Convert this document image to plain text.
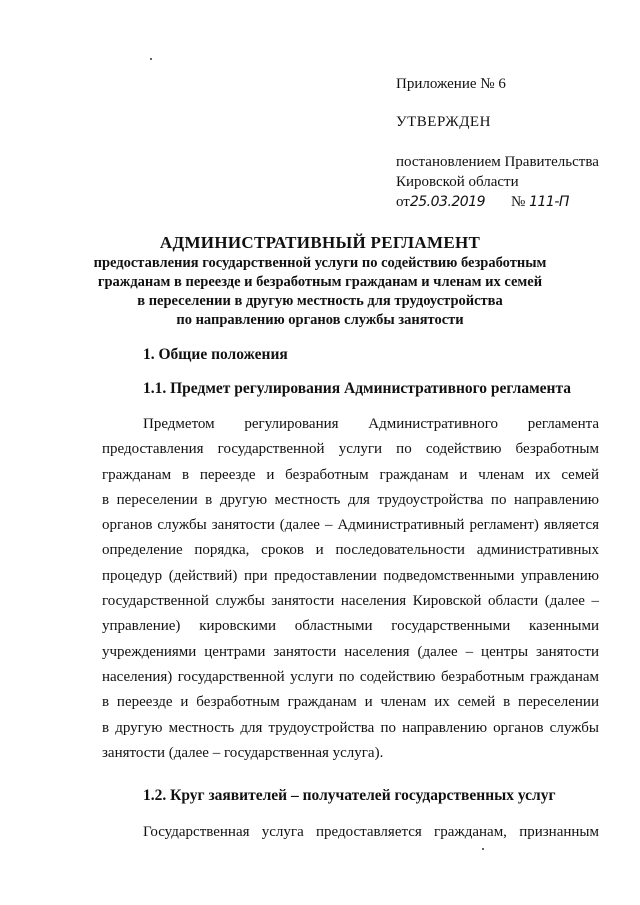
Приложение № 6
УТВЕРЖДЕН
постановлением Правительства
Кировской области
от25.03.2019 № 111-П
АДМИНИСТРАТИВНЫЙ РЕГЛАМЕНТ
предоставления государственной услуги по содействию безработным
гражданам в переезде и безработным гражданам и членам их семей
в переселении в другую местность для трудоустройства
по направлению органов службы занятости
1. Общие положения
1.1. Предмет регулирования Административного регламента
Предметом регулирования Административного регламента
предоставления государственной услуги по содействию безработным
гражданам в переезде и безработным гражданам и членам их семей
в переселении в другую местность для трудоустройства по направлению
органов службы занятости (далее – Административный регламент) является
определение порядка, сроков и последовательности административных
процедур (действий) при предоставлении подведомственными управлению
государственной службы занятости населения Кировской области (далее –
управление) кировскими областными государственными казенными
учреждениями центрами занятости населения (далее – центры занятости
населения) государственной услуги по содействию безработным гражданам
в переезде и безработным гражданам и членам их семей в переселении
в другую местность для трудоустройства по направлению органов службы
занятости (далее – государственная услуга).
1.2. Круг заявителей – получателей государственных услуг
Государственная услуга предоставляется гражданам, признанным
